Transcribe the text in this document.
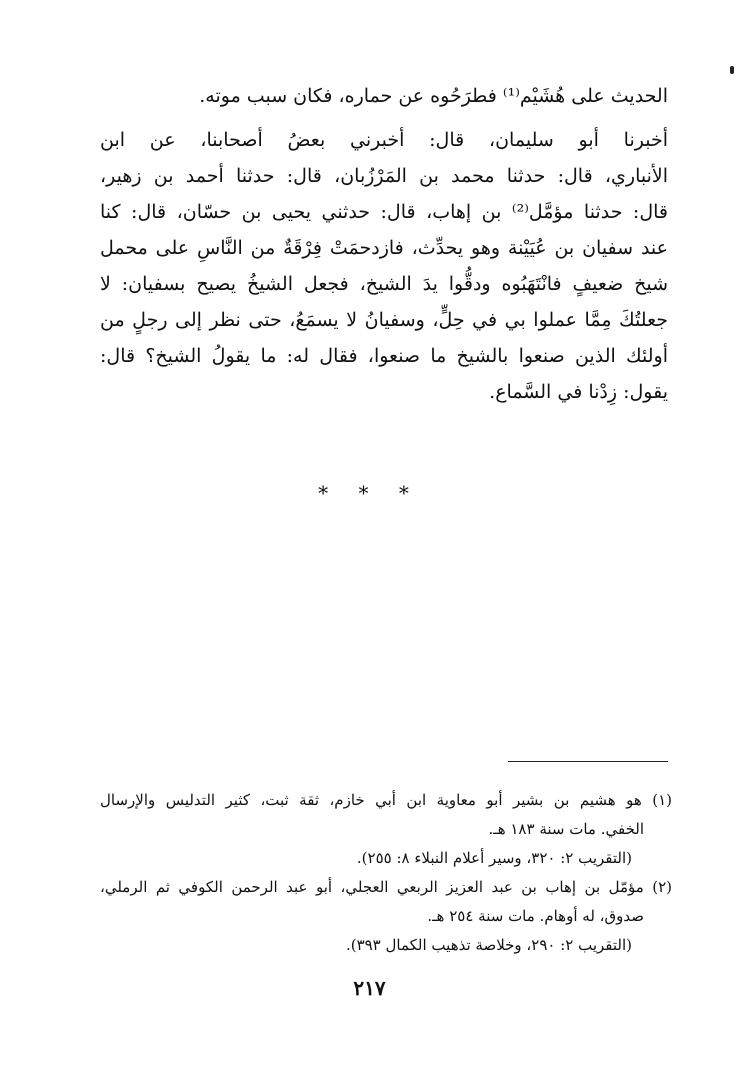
الحديث على هُشَيْم⁽¹⁾ فطرَحُوه عن حماره، فكان سبب موته.
أخبرنا أبو سليمان، قال: أخبرني بعضُ أصحابنا، عن ابن
الأنباري، قال: حدثنا محمد بن المَرْزُبان، قال: حدثنا أحمد بن زهير،
قال: حدثنا مؤمَّل⁽²⁾ بن إهاب، قال: حدثني يحيى بن حسّان، قال: كنا
عند سفيان بن عُيَيْنة وهو يحدِّث، فازدحمَتْ فِرْقَةٌ من النَّاسِ على محمل
شيخ ضعيفٍ فانْتَهَبُوه ودقُّوا يدَ الشيخ، فجعل الشيخُ يصيح بسفيان: لا
جعلتُكَ مِمَّا عملوا بي في حِلٍّ، وسفيانُ لا يسمَعُ، حتى نظر إلى رجلٍ من
أولئك الذين صنعوا بالشيخ ما صنعوا، فقال له: ما يقولُ الشيخ؟ قال:
يقول: زِدْنا في السَّماع.
* * *
(١) هو هشيم بن بشير أبو معاوية ابن أبي خازم، ثقة ثبت، كثير التدليس والإرسال
الخفي. مات سنة ١٨٣ هـ.
(التقريب ٢: ٣٢٠، وسير أعلام النبلاء ٨: ٢٥٥).
(٢) مؤمّل بن إهاب بن عبد العزيز الربعي العجلي، أبو عبد الرحمن الكوفي ثم الرملي،
صدوق، له أوهام. مات سنة ٢٥٤ هـ.
(التقريب ٢: ٢٩٠، وخلاصة تذهيب الكمال ٣٩٣).
٢١٧
